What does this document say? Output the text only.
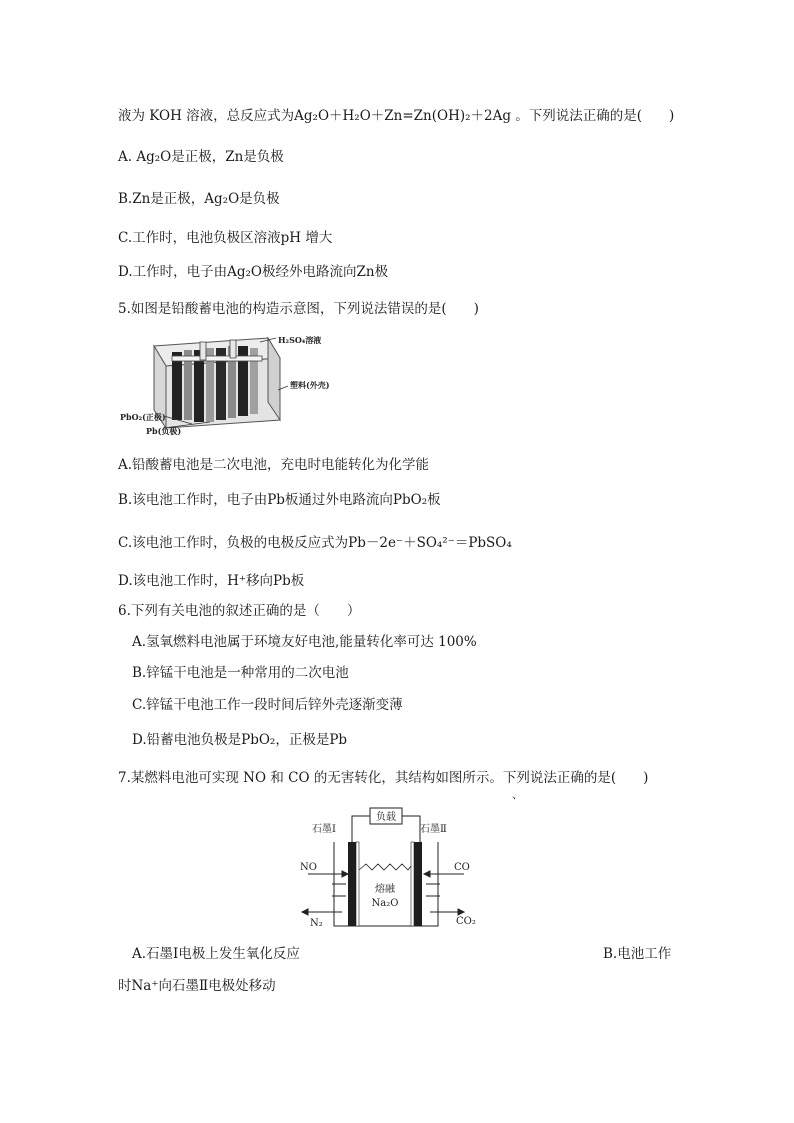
液为 KOH 溶液，总反应式为Ag₂O＋H₂O＋Zn=Zn(OH)₂＋2Ag 。下列说法正确的是(　　)
A. Ag₂O是正极，Zn是负极
B.Zn是正极，Ag₂O是负极
C.工作时，电池负极区溶液pH 增大
D.工作时，电子由Ag₂O极经外电路流向Zn极
5.如图是铅酸蓄电池的构造示意图，下列说法错误的是(　　)
H₂SO₄溶液
塑料(外壳)
PbO₂(正极)
Pb(负极)
A.铅酸蓄电池是二次电池，充电时电能转化为化学能
B.该电池工作时，电子由Pb板通过外电路流向PbO₂板
C.该电池工作时，负极的电极反应式为Pb－2e⁻＋SO₄²⁻＝PbSO₄
D.该电池工作时，H⁺移向Pb板
6.下列有关电池的叙述正确的是（　　）
A.氢氧燃料电池属于环境友好电池,能量转化率可达 100%
B.锌锰干电池是一种常用的二次电池
C.锌锰干电池工作一段时间后锌外壳逐渐变薄
D.铅蓄电池负极是PbO₂，正极是Pb
7.某燃料电池可实现 NO 和 CO 的无害转化，其结构如图所示。下列说法正确的是(　　)
、
负载
石墨Ⅰ	石墨Ⅱ
熔融
Na₂O
NO
N₂
CO
CO₂
A.石墨Ⅰ电极上发生氧化反应	B.电池工作
时Na⁺向石墨Ⅱ电极处移动
